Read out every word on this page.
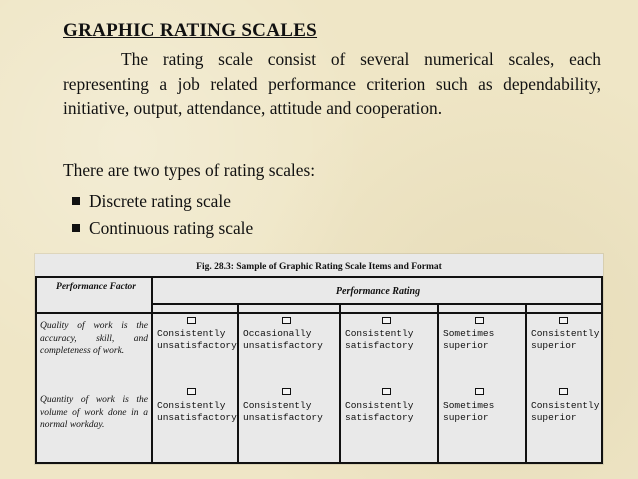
GRAPHIC RATING SCALES
The rating scale consist of several numerical scales, each representing a job related performance criterion such as dependability, initiative, output, attendance, attitude and cooperation.
There are two types of rating scales:
Discrete rating scale
Continuous rating scale
Fig. 28.3: Sample of Graphic Rating Scale Items and Format
Performance Factor	Performance Rating
Quality of work is the accuracy, skill, and completeness of work.
Consistently unsatisfactory
Occasionally unsatisfactory
Consistently satisfactory
Sometimes superior
Consistently superior
Quantity of work is the volume of work done in a normal workday.
Consistently unsatisfactory
Consistently unsatisfactory
Consistently satisfactory
Sometimes superior
Consistently superior
